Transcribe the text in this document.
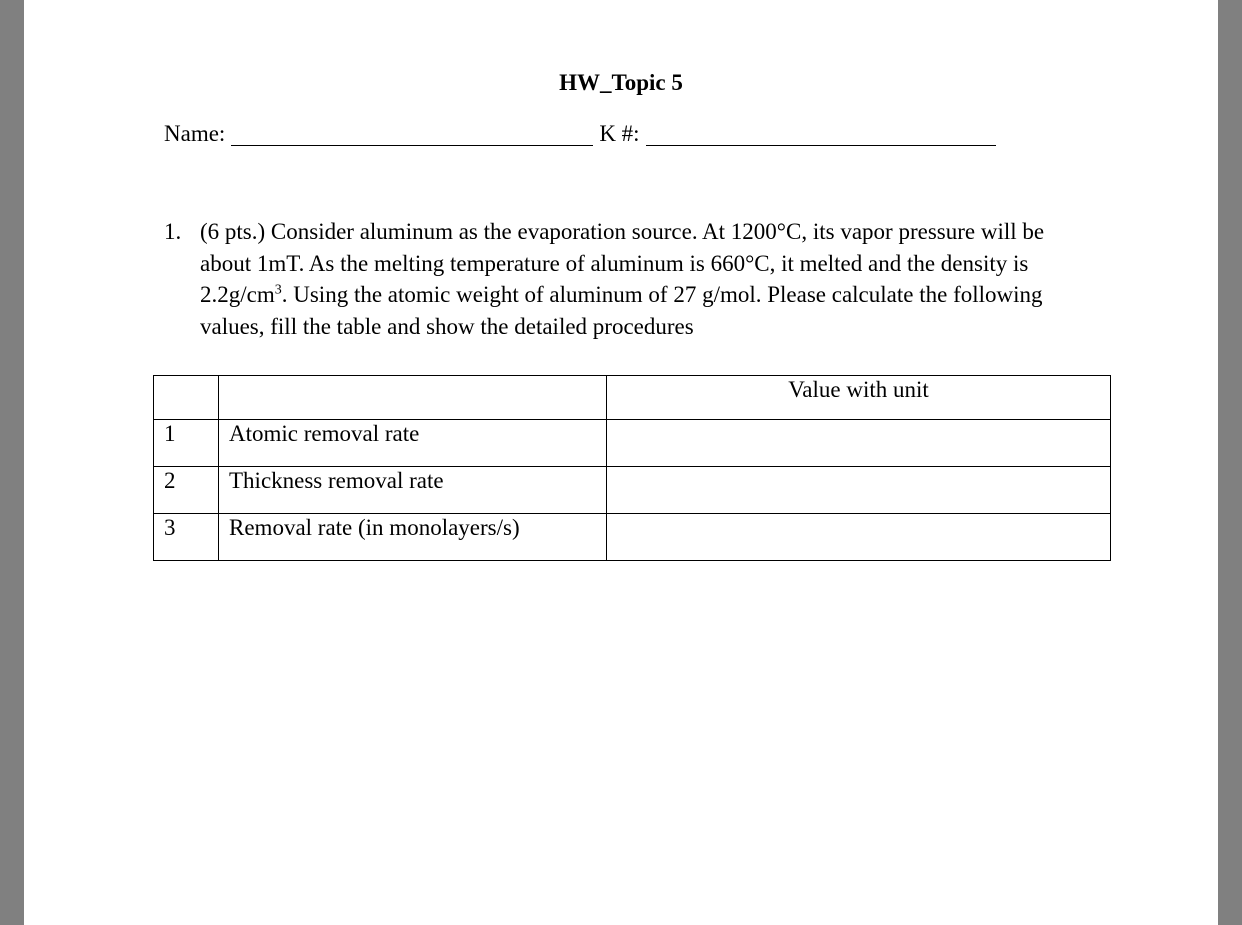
HW_Topic 5
Name:	K #:
1. (6 pts.) Consider aluminum as the evaporation source. At 1200°C, its vapor pressure will be about 1mT. As the melting temperature of aluminum is 660°C, it melted and the density is $2.2g/cm^3$. Using the atomic weight of aluminum of 27 g/mol. Please calculate the following values, fill the table and show the detailed procedures
		Value with unit
1	Atomic removal rate	
2	Thickness removal rate	
3	Removal rate (in monolayers/s)	
